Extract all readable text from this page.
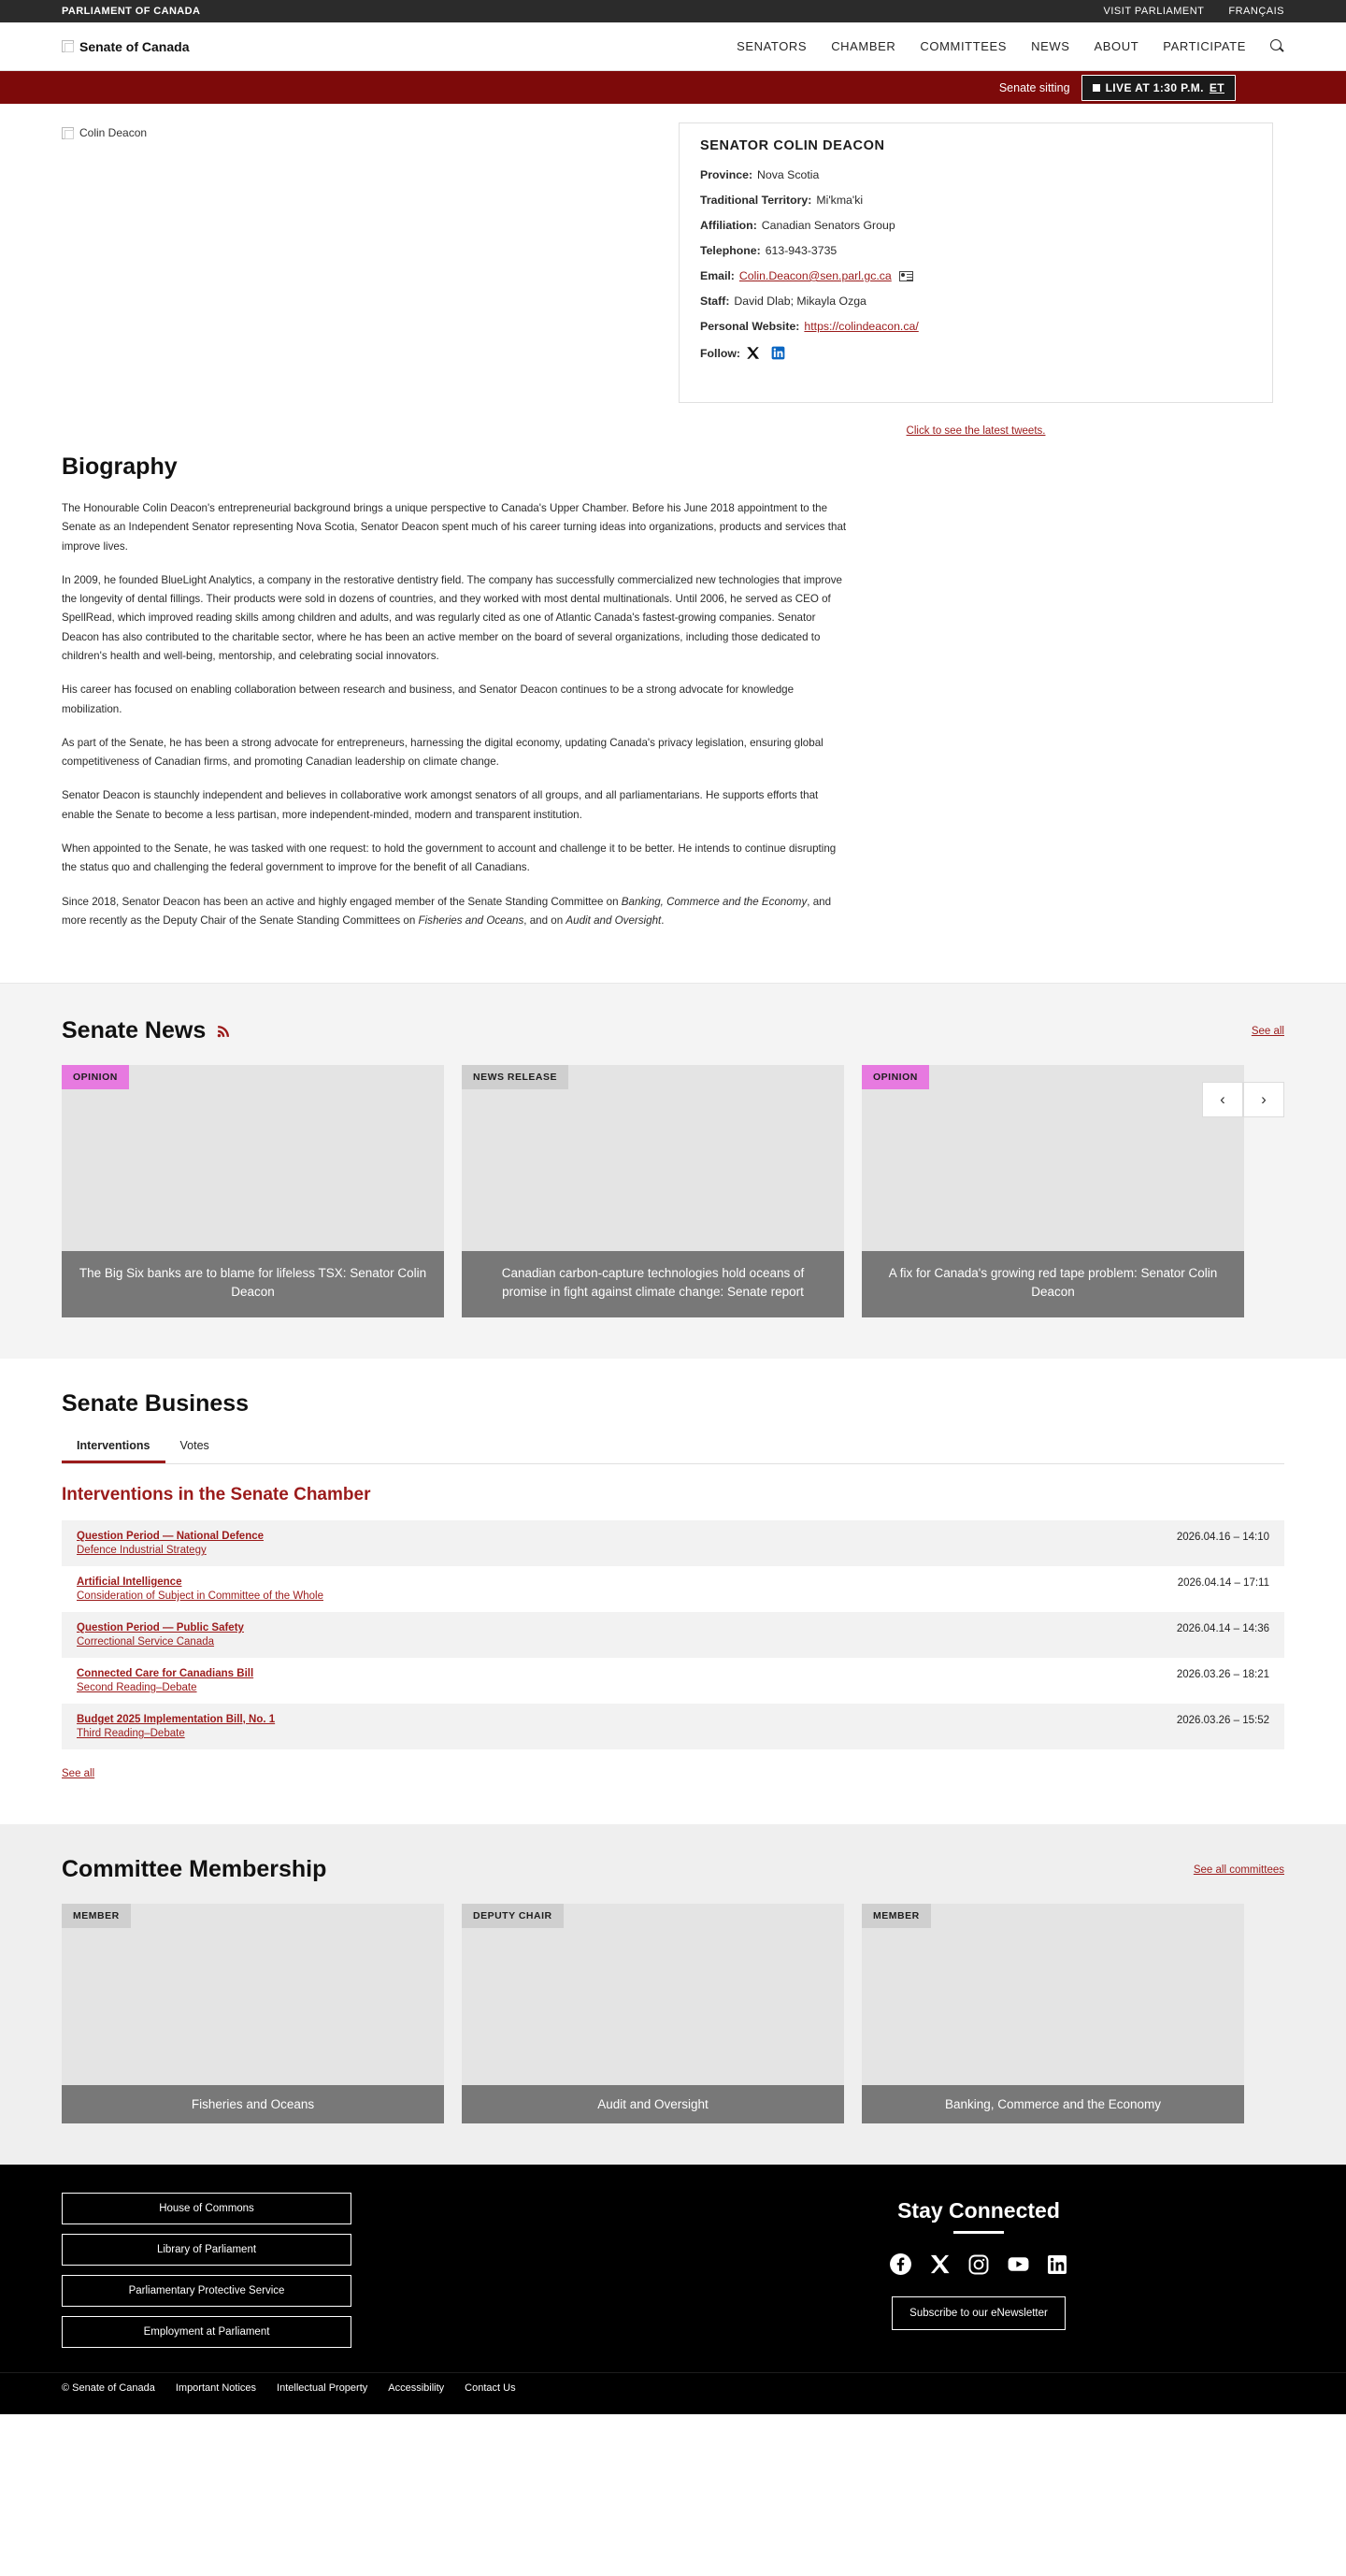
PARLIAMENT OF CANADA	VISIT PARLIAMENT FRANÇAIS
Senate of Canada	SENATORS CHAMBER COMMITTEES NEWS ABOUT PARTICIPATE
Senate sitting	LIVE AT 1:30 P.M. ET
Colin Deacon
SENATOR COLIN DEACON
Province: Nova Scotia
Traditional Territory: Mi'kma'ki
Affiliation: Canadian Senators Group
Telephone: 613-943-3735
Email: Colin.Deacon@sen.parl.gc.ca
Staff: David Dlab; Mikayla Ozga
Personal Website: https://colindeacon.ca/
Follow:
Click to see the latest tweets.
Biography

The Honourable Colin Deacon's entrepreneurial background brings a unique perspective to Canada's Upper Chamber. Before his June 2018 appointment to the Senate as an Independent Senator representing Nova Scotia, Senator Deacon spent much of his career turning ideas into organizations, products and services that improve lives.

In 2009, he founded BlueLight Analytics, a company in the restorative dentistry field. The company has successfully commercialized new technologies that improve the longevity of dental fillings. Their products were sold in dozens of countries, and they worked with most dental multinationals. Until 2006, he served as CEO of SpellRead, which improved reading skills among children and adults, and was regularly cited as one of Atlantic Canada's fastest-growing companies. Senator Deacon has also contributed to the charitable sector, where he has been an active member on the board of several organizations, including those dedicated to children's health and well-being, mentorship, and celebrating social innovators.

His career has focused on enabling collaboration between research and business, and Senator Deacon continues to be a strong advocate for knowledge mobilization.

As part of the Senate, he has been a strong advocate for entrepreneurs, harnessing the digital economy, updating Canada's privacy legislation, ensuring global competitiveness of Canadian firms, and promoting Canadian leadership on climate change.

Senator Deacon is staunchly independent and believes in collaborative work amongst senators of all groups, and all parliamentarians. He supports efforts that enable the Senate to become a less partisan, more independent-minded, modern and transparent institution.

When appointed to the Senate, he was tasked with one request: to hold the government to account and challenge it to be better. He intends to continue disrupting the status quo and challenging the federal government to improve for the benefit of all Canadians.

Since 2018, Senator Deacon has been an active and highly engaged member of the Senate Standing Committee on Banking, Commerce and the Economy, and more recently as the Deputy Chair of the Senate Standing Committees on Fisheries and Oceans, and on Audit and Oversight.

Senate News	See all
OPINION
The Big Six banks are to blame for lifeless TSX: Senator Colin Deacon
NEWS RELEASE
Canadian carbon-capture technologies hold oceans of promise in fight against climate change: Senate report
OPINION
A fix for Canada's growing red tape problem: Senator Colin Deacon
‹	›
Senate Business
Interventions	Votes
Interventions in the Senate Chamber
Question Period — National Defence
Defence Industrial Strategy
2026.04.16 – 14:10
Artificial Intelligence
Consideration of Subject in Committee of the Whole
2026.04.14 – 17:11
Question Period — Public Safety
Correctional Service Canada
2026.04.14 – 14:36
Connected Care for Canadians Bill
Second Reading–Debate
2026.03.26 – 18:21
Budget 2025 Implementation Bill, No. 1
Third Reading–Debate
2026.03.26 – 15:52
See all
Committee Membership	See all committees
MEMBER
Fisheries and Oceans
DEPUTY CHAIR
Audit and Oversight
MEMBER
Banking, Commerce and the Economy
House of Commons
Library of Parliament
Parliamentary Protective Service
Employment at Parliament
Stay Connected
Subscribe to our eNewsletter
© Senate of Canada Important Notices Intellectual Property Accessibility Contact Us
